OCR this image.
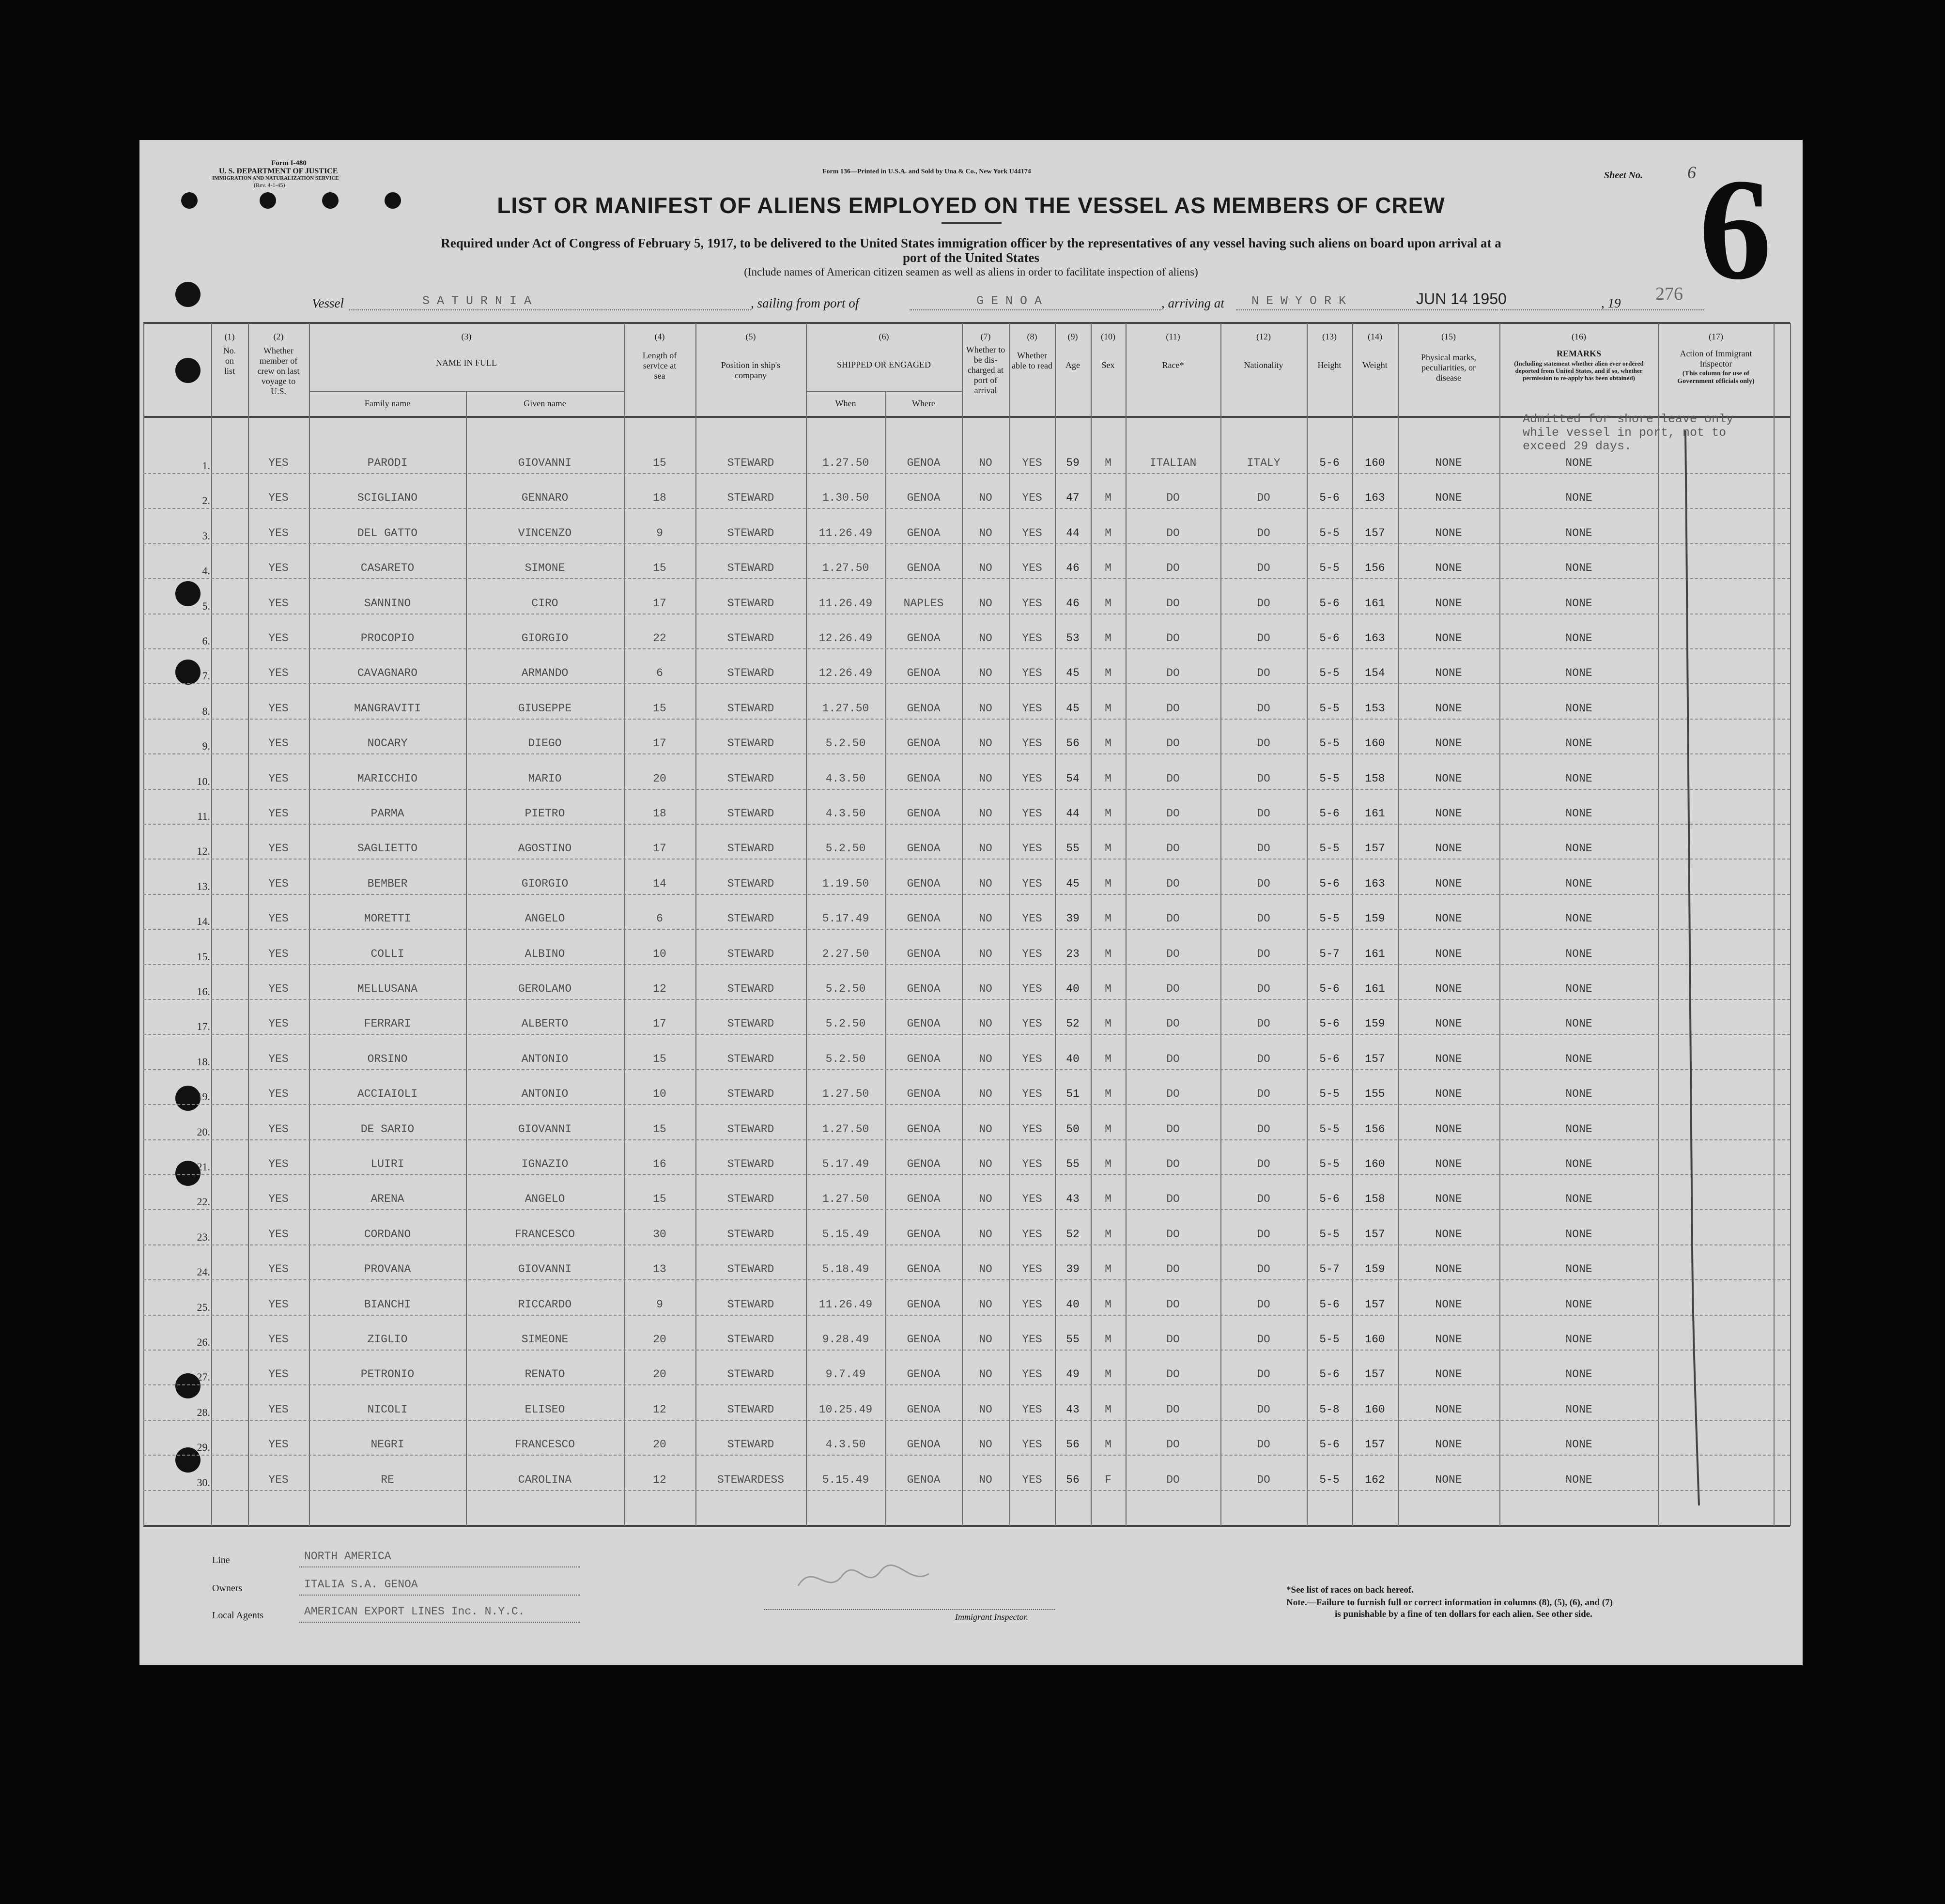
Form I-480
U. S. DEPARTMENT OF JUSTICE
IMMIGRATION AND NATURALIZATION SERVICE
(Rev. 4-1-45)
Form 136—Printed in U.S.A. and Sold by Una & Co., New York U44174	Sheet No.	6 6
LIST OR MANIFEST OF ALIENS EMPLOYED ON THE VESSEL AS MEMBERS OF CREW
Required under Act of Congress of February 5, 1917, to be delivered to the United States immigration officer by the representatives of any vessel having such aliens on board upon arrival at a
port of the United States
(Include names of American citizen seamen as well as aliens in order to facilitate inspection of aliens)
Vessel	S A T U R N I A	, sailing from port of	G E N O A	, arriving at N E W Y O R K	JUN 14 1950	, 19 276
(1)
No. on list
(2)
Whether member of crew on last voyage to U.S.
(3)
NAME IN FULL
Family name	Given name
(4)
Length of service at sea
(5)
Position in ship's company
(6)
SHIPPED OR ENGAGED
When	Where
(7)
Whether to be dis-charged at port of arrival
(8)
Whether able to read
(9)
Age
(10)
Sex
(11)
Race*
(12)
Nationality
(13)
Height
(14)
Weight
(15)
Physical marks, peculiarities, or disease
(16)
REMARKS
(Including statement whether alien ever ordered deported from United States, and if so, whether permission to re-apply has been obtained)
(17)
Action of Immigrant Inspector
(This column for use of Government officials only)
Admitted for shore leave only
while vessel in port, not to
exceed 29 days.
1.	YES	PARODI	GIOVANNI	15	STEWARD	1.27.50	GENOA	NO	YES	59	M	ITALIAN	ITALY	5-6	160	NONE	NONE
2.	YES	SCIGLIANO	GENNARO	18	STEWARD	1.30.50	GENOA	NO	YES	47	M	DO	DO	5-6	163	NONE	NONE
3.	YES	DEL GATTO	VINCENZO	9	STEWARD	11.26.49	GENOA	NO	YES	44	M	DO	DO	5-5	157	NONE	NONE
4.	YES	CASARETO	SIMONE	15	STEWARD	1.27.50	GENOA	NO	YES	46	M	DO	DO	5-5	156	NONE	NONE
5.	YES	SANNINO	CIRO	17	STEWARD	11.26.49	NAPLES	NO	YES	46	M	DO	DO	5-6	161	NONE	NONE
6.	YES	PROCOPIO	GIORGIO	22	STEWARD	12.26.49	GENOA	NO	YES	53	M	DO	DO	5-6	163	NONE	NONE
7.	YES	CAVAGNARO	ARMANDO	6	STEWARD	12.26.49	GENOA	NO	YES	45	M	DO	DO	5-5	154	NONE	NONE
8.	YES	MANGRAVITI	GIUSEPPE	15	STEWARD	1.27.50	GENOA	NO	YES	45	M	DO	DO	5-5	153	NONE	NONE
9.	YES	NOCARY	DIEGO	17	STEWARD	5.2.50	GENOA	NO	YES	56	M	DO	DO	5-5	160	NONE	NONE
10.	YES	MARICCHIO	MARIO	20	STEWARD	4.3.50	GENOA	NO	YES	54	M	DO	DO	5-5	158	NONE	NONE
11.	YES	PARMA	PIETRO	18	STEWARD	4.3.50	GENOA	NO	YES	44	M	DO	DO	5-6	161	NONE	NONE
12.	YES	SAGLIETTO	AGOSTINO	17	STEWARD	5.2.50	GENOA	NO	YES	55	M	DO	DO	5-5	157	NONE	NONE
13.	YES	BEMBER	GIORGIO	14	STEWARD	1.19.50	GENOA	NO	YES	45	M	DO	DO	5-6	163	NONE	NONE
14.	YES	MORETTI	ANGELO	6	STEWARD	5.17.49	GENOA	NO	YES	39	M	DO	DO	5-5	159	NONE	NONE
15.	YES	COLLI	ALBINO	10	STEWARD	2.27.50	GENOA	NO	YES	23	M	DO	DO	5-7	161	NONE	NONE
16.	YES	MELLUSANA	GEROLAMO	12	STEWARD	5.2.50	GENOA	NO	YES	40	M	DO	DO	5-6	161	NONE	NONE
17.	YES	FERRARI	ALBERTO	17	STEWARD	5.2.50	GENOA	NO	YES	52	M	DO	DO	5-6	159	NONE	NONE
18.	YES	ORSINO	ANTONIO	15	STEWARD	5.2.50	GENOA	NO	YES	40	M	DO	DO	5-6	157	NONE	NONE
19.	YES	ACCIAIOLI	ANTONIO	10	STEWARD	1.27.50	GENOA	NO	YES	51	M	DO	DO	5-5	155	NONE	NONE
20.	YES	DE SARIO	GIOVANNI	15	STEWARD	1.27.50	GENOA	NO	YES	50	M	DO	DO	5-5	156	NONE	NONE
21.	YES	LUIRI	IGNAZIO	16	STEWARD	5.17.49	GENOA	NO	YES	55	M	DO	DO	5-5	160	NONE	NONE
22.	YES	ARENA	ANGELO	15	STEWARD	1.27.50	GENOA	NO	YES	43	M	DO	DO	5-6	158	NONE	NONE
23.	YES	CORDANO	FRANCESCO	30	STEWARD	5.15.49	GENOA	NO	YES	52	M	DO	DO	5-5	157	NONE	NONE
24.	YES	PROVANA	GIOVANNI	13	STEWARD	5.18.49	GENOA	NO	YES	39	M	DO	DO	5-7	159	NONE	NONE
25.	YES	BIANCHI	RICCARDO	9	STEWARD	11.26.49	GENOA	NO	YES	40	M	DO	DO	5-6	157	NONE	NONE
26.	YES	ZIGLIO	SIMEONE	20	STEWARD	9.28.49	GENOA	NO	YES	55	M	DO	DO	5-5	160	NONE	NONE
27.	YES	PETRONIO	RENATO	20	STEWARD	9.7.49	GENOA	NO	YES	49	M	DO	DO	5-6	157	NONE	NONE
28.	YES	NICOLI	ELISEO	12	STEWARD	10.25.49	GENOA	NO	YES	43	M	DO	DO	5-8	160	NONE	NONE
29.	YES	NEGRI	FRANCESCO	20	STEWARD	4.3.50	GENOA	NO	YES	56	M	DO	DO	5-6	157	NONE	NONE
30.	YES	RE	CAROLINA	12	STEWARDESS	5.15.49	GENOA	NO	YES	56	F	DO	DO	5-5	162	NONE	NONE
Line	NORTH AMERICA
Owners	ITALIA S.A. GENOA
Local Agents	AMERICAN EXPORT LINES Inc. N.Y.C.	Immigrant Inspector.
*See list of races on back hereof.
Note.—Failure to furnish full or correct information in columns (8), (5), (6), and (7)
is punishable by a fine of ten dollars for each alien. See other side.
